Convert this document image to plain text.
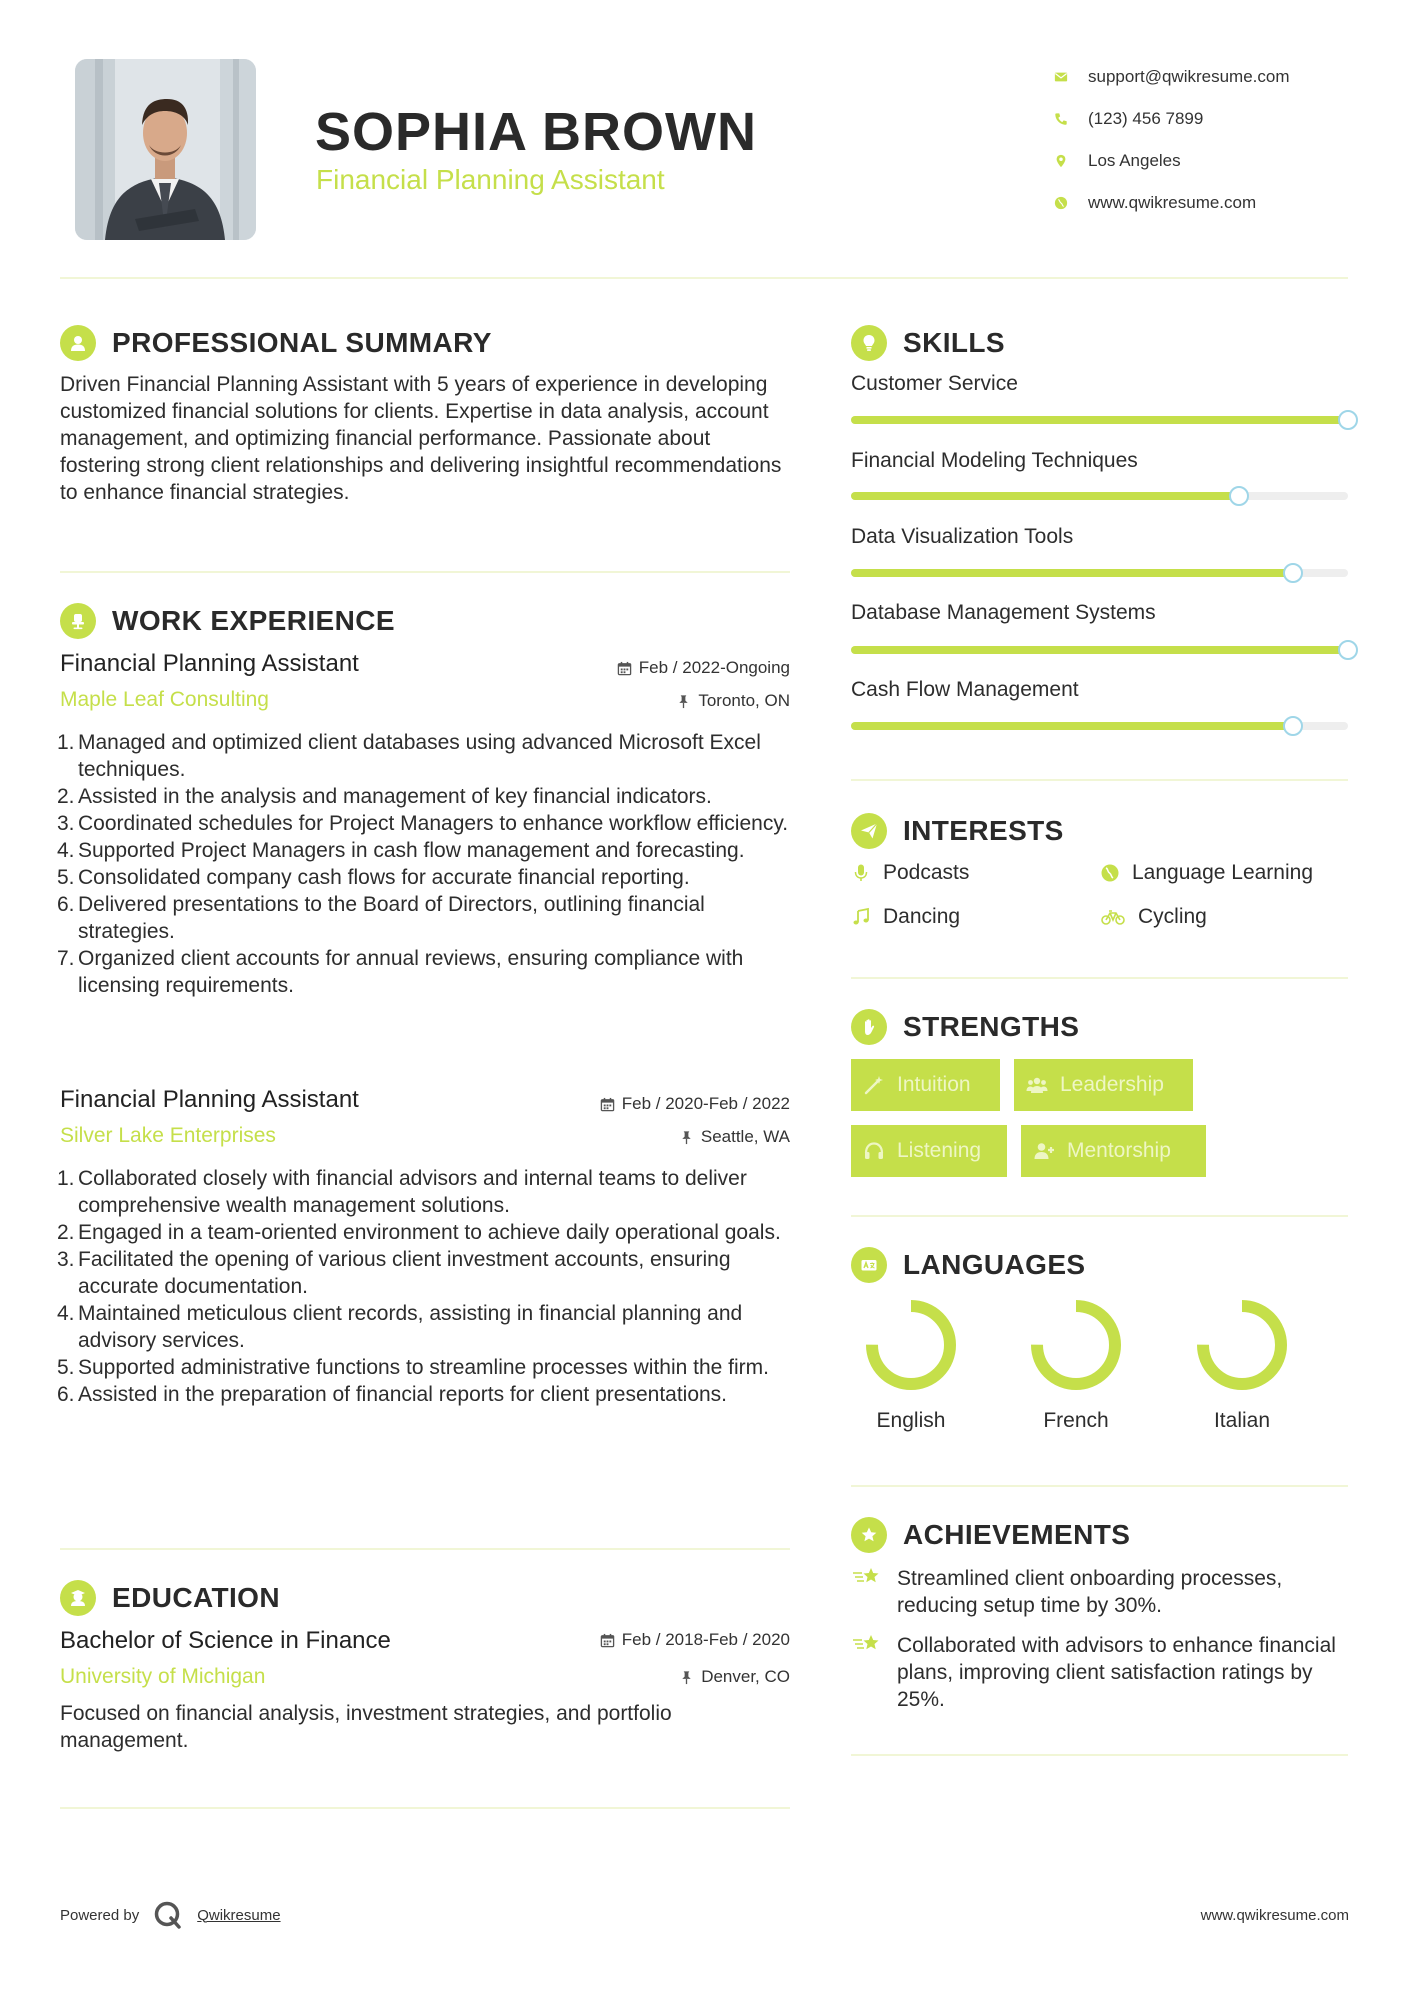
SOPHIA BROWN
Financial Planning Assistant
support@qwikresume.com
(123) 456 7899
Los Angeles
www.qwikresume.com
PROFESSIONAL SUMMARY
Driven Financial Planning Assistant with 5 years of experience in developing customized financial solutions for clients. Expertise in data analysis, account management, and optimizing financial performance. Passionate about fostering strong client relationships and delivering insightful recommendations to enhance financial strategies.
WORK EXPERIENCE
Financial Planning Assistant	Feb / 2022-Ongoing
Maple Leaf Consulting	Toronto, ON
1. Managed and optimized client databases using advanced Microsoft Excel techniques.
2. Assisted in the analysis and management of key financial indicators.
3. Coordinated schedules for Project Managers to enhance workflow efficiency.
4. Supported Project Managers in cash flow management and forecasting.
5. Consolidated company cash flows for accurate financial reporting.
6. Delivered presentations to the Board of Directors, outlining financial strategies.
7. Organized client accounts for annual reviews, ensuring compliance with licensing requirements.
Financial Planning Assistant	Feb / 2020-Feb / 2022
Silver Lake Enterprises	Seattle, WA
1. Collaborated closely with financial advisors and internal teams to deliver comprehensive wealth management solutions.
2. Engaged in a team-oriented environment to achieve daily operational goals.
3. Facilitated the opening of various client investment accounts, ensuring accurate documentation.
4. Maintained meticulous client records, assisting in financial planning and advisory services.
5. Supported administrative functions to streamline processes within the firm.
6. Assisted in the preparation of financial reports for client presentations.
EDUCATION
Bachelor of Science in Finance	Feb / 2018-Feb / 2020
University of Michigan	Denver, CO
Focused on financial analysis, investment strategies, and portfolio management.
SKILLS
Customer Service
Financial Modeling Techniques
Data Visualization Tools
Database Management Systems
Cash Flow Management
INTERESTS
Podcasts	Language Learning
Dancing	Cycling
STRENGTHS
Intuition	Leadership
Listening	Mentorship
LANGUAGES
English	French	Italian
ACHIEVEMENTS
Streamlined client onboarding processes, reducing setup time by 30%.
Collaborated with advisors to enhance financial plans, improving client satisfaction ratings by 25%.
Powered by	Qwikresume	www.qwikresume.com
